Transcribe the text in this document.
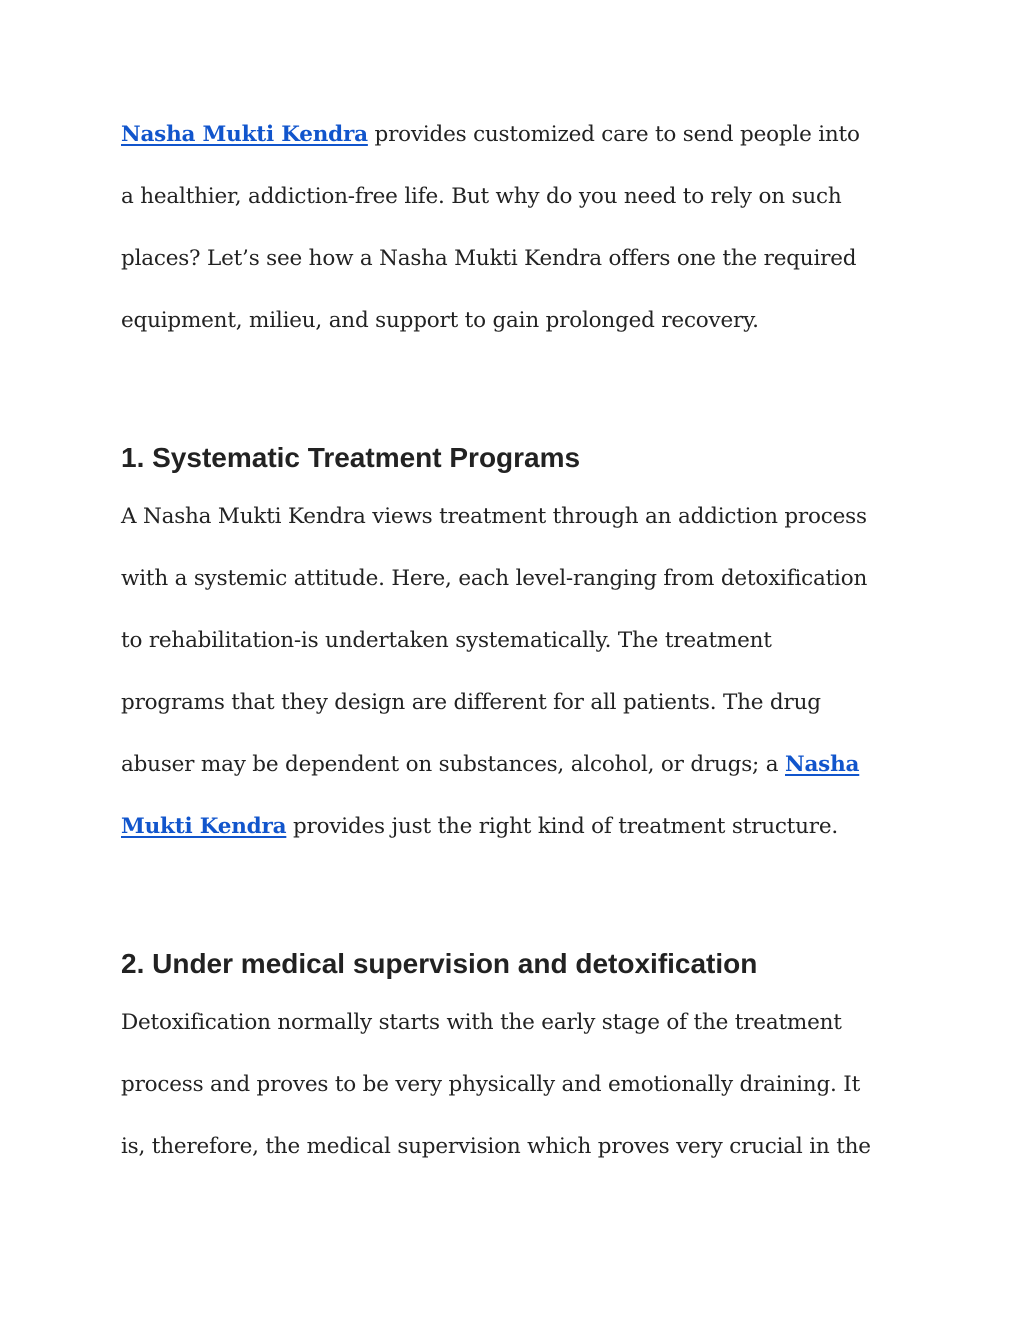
Nasha Mukti Kendra provides customized care to send people into
a healthier, addiction-free life. But why do you need to rely on such
places? Let’s see how a Nasha Mukti Kendra offers one the required
equipment, milieu, and support to gain prolonged recovery.

1. Systematic Treatment Programs

A Nasha Mukti Kendra views treatment through an addiction process
with a systemic attitude. Here, each level-ranging from detoxification
to rehabilitation-is undertaken systematically. The treatment
programs that they design are different for all patients. The drug
abuser may be dependent on substances, alcohol, or drugs; a Nasha
Mukti Kendra provides just the right kind of treatment structure.

2. Under medical supervision and detoxification

Detoxification normally starts with the early stage of the treatment
process and proves to be very physically and emotionally draining. It
is, therefore, the medical supervision which proves very crucial in the
